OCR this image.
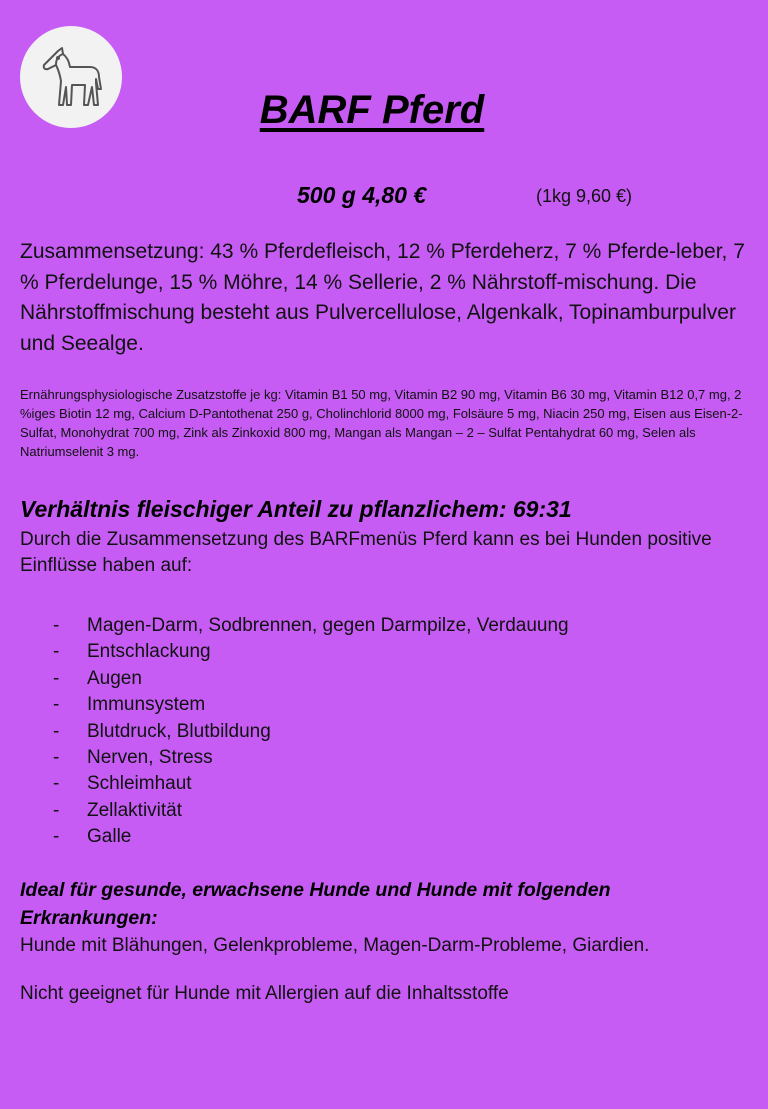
BARF Pferd
500 g 4,80 €	(1kg 9,60 €)

Zusammensetzung: 43 % Pferdefleisch, 12 % Pferdeherz, 7 % Pferde-leber, 7 % Pferdelunge, 15 % Möhre, 14 % Sellerie, 2 % Nährstoff-mischung. Die Nährstoffmischung besteht aus Pulvercellulose, Algenkalk, Topinamburpulver und Seealge.

Ernährungsphysiologische Zusatzstoffe je kg: Vitamin B1 50 mg, Vitamin B2 90 mg, Vitamin B6 30 mg, Vitamin B12 0,7 mg, 2 %iges Biotin 12 mg, Calcium D-Pantothenat 250 g, Cholinchlorid 8000 mg, Folsäure 5 mg, Niacin 250 mg, Eisen aus Eisen-2-Sulfat, Monohydrat 700 mg, Zink als Zinkoxid 800 mg, Mangan als Mangan – 2 – Sulfat Pentahydrat 60 mg, Selen als Natriumselenit 3 mg.

Verhältnis fleischiger Anteil zu pflanzlichem: 69:31

Durch die Zusammensetzung des BARFmenüs Pferd kann es bei Hunden positive Einflüsse haben auf:

-	Magen-Darm, Sodbrennen, gegen Darmpilze, Verdauung
-	Entschlackung
-	Augen
-	Immunsystem
-	Blutdruck, Blutbildung
-	Nerven, Stress
-	Schleimhaut
-	Zellaktivität
-	Galle
Ideal für gesunde, erwachsene Hunde und Hunde mit folgenden Erkrankungen:

Hunde mit Blähungen, Gelenkprobleme, Magen-Darm-Probleme, Giardien.

Nicht geeignet für Hunde mit Allergien auf die Inhaltsstoffe
